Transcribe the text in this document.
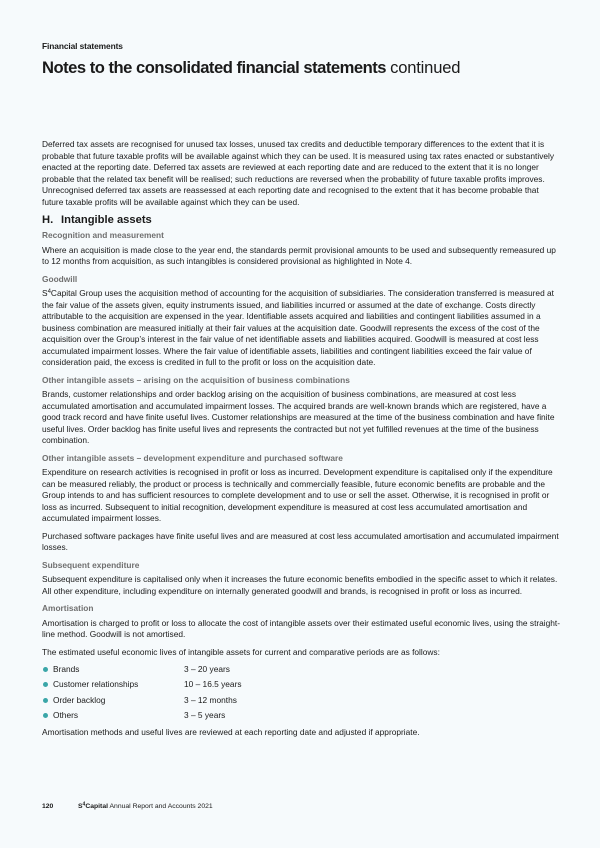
Financial statements
Notes to the consolidated financial statements continued

Deferred tax assets are recognised for unused tax losses, unused tax credits and deductible temporary differences to the extent that it is probable that future taxable profits will be available against which they can be used. It is measured using tax rates enacted or substantively enacted at the reporting date. Deferred tax assets are reviewed at each reporting date and are reduced to the extent that it is no longer probable that the related tax benefit will be realised; such reductions are reversed when the probability of future taxable profits improves. Unrecognised deferred tax assets are reassessed at each reporting date and recognised to the extent that it has become probable that future taxable profits will be available against which they can be used.

H. Intangible assets
Recognition and measurement

Where an acquisition is made close to the year end, the standards permit provisional amounts to be used and subsequently remeasured up to 12 months from acquisition, as such intangibles is considered provisional as highlighted in Note 4.

Goodwill

$S^4Capital$ Group uses the acquisition method of accounting for the acquisition of subsidiaries. The consideration transferred is measured at the fair value of the assets given, equity instruments issued, and liabilities incurred or assumed at the date of exchange. Costs directly attributable to the acquisition are expensed in the year. Identifiable assets acquired and liabilities and contingent liabilities assumed in a business combination are measured initially at their fair values at the acquisition date. Goodwill represents the excess of the cost of the acquisition over the Group’s interest in the fair value of net identifiable assets and liabilities acquired. Goodwill is measured at cost less accumulated impairment losses. Where the fair value of identifiable assets, liabilities and contingent liabilities exceed the fair value of consideration paid, the excess is credited in full to the profit or loss on the acquisition date.

Other intangible assets – arising on the acquisition of business combinations

Brands, customer relationships and order backlog arising on the acquisition of business combinations, are measured at cost less accumulated amortisation and accumulated impairment losses. The acquired brands are well-known brands which are registered, have a good track record and have finite useful lives. Customer relationships are measured at the time of the business combination and have finite useful lives. Order backlog has finite useful lives and represents the contracted but not yet fulfilled revenues at the time of the business combination.

Other intangible assets – development expenditure and purchased software

Expenditure on research activities is recognised in profit or loss as incurred. Development expenditure is capitalised only if the expenditure can be measured reliably, the product or process is technically and commercially feasible, future economic benefits are probable and the Group intends to and has sufficient resources to complete development and to use or sell the asset. Otherwise, it is recognised in profit or loss as incurred. Subsequent to initial recognition, development expenditure is measured at cost less accumulated amortisation and accumulated impairment losses.

Purchased software packages have finite useful lives and are measured at cost less accumulated amortisation and accumulated impairment losses.

Subsequent expenditure

Subsequent expenditure is capitalised only when it increases the future economic benefits embodied in the specific asset to which it relates. All other expenditure, including expenditure on internally generated goodwill and brands, is recognised in profit or loss as incurred.

Amortisation

Amortisation is charged to profit or loss to allocate the cost of intangible assets over their estimated useful economic lives, using the straight-line method. Goodwill is not amortised.

The estimated useful economic lives of intangible assets for current and comparative periods are as follows:

Brands	3 – 20 years
Customer relationships	10 – 16.5 years
Order backlog	3 – 12 months
Others	3 – 5 years

Amortisation methods and useful lives are reviewed at each reporting date and adjusted if appropriate.

120	$S^4Capital$ Annual Report and Accounts 2021
